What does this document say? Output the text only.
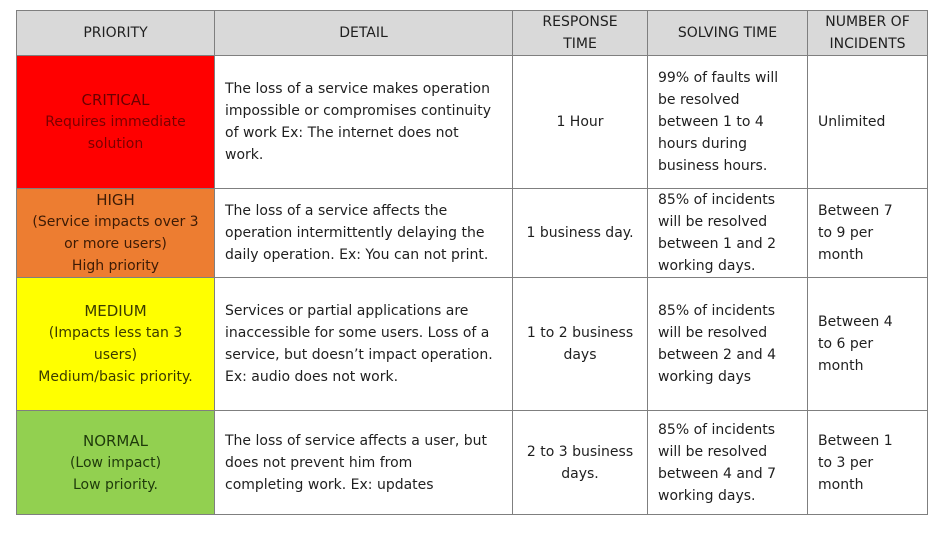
PRIORITY	DETAIL	RESPONSE
TIME	SOLVING TIME	NUMBER OF
INCIDENTS

CRITICAL
Requires immediate
solution	The loss of a service makes operation
impossible or compromises continuity
of work Ex: The internet does not
work.	1 Hour	99% of faults will
be resolved
between 1 to 4
hours during
business hours.	Unlimited

HIGH
(Service impacts over 3
or more users)
High priority	The loss of a service affects the
operation intermittently delaying the
daily operation. Ex: You can not print.	1 business day.	85% of incidents
will be resolved
between 1 and 2
working days.	Between 7
to 9 per
month

MEDIUM
(Impacts less tan 3
users)
Medium/basic priority.	Services or partial applications are
inaccessible for some users. Loss of a
service, but doesn’t impact operation.
Ex: audio does not work.	1 to 2 business
days	85% of incidents
will be resolved
between 2 and 4
working days	Between 4
to 6 per
month

NORMAL
(Low impact)
Low priority.	The loss of service affects a user, but
does not prevent him from
completing work. Ex: updates	2 to 3 business
days.	85% of incidents
will be resolved
between 4 and 7
working days.	Between 1
to 3 per
month
